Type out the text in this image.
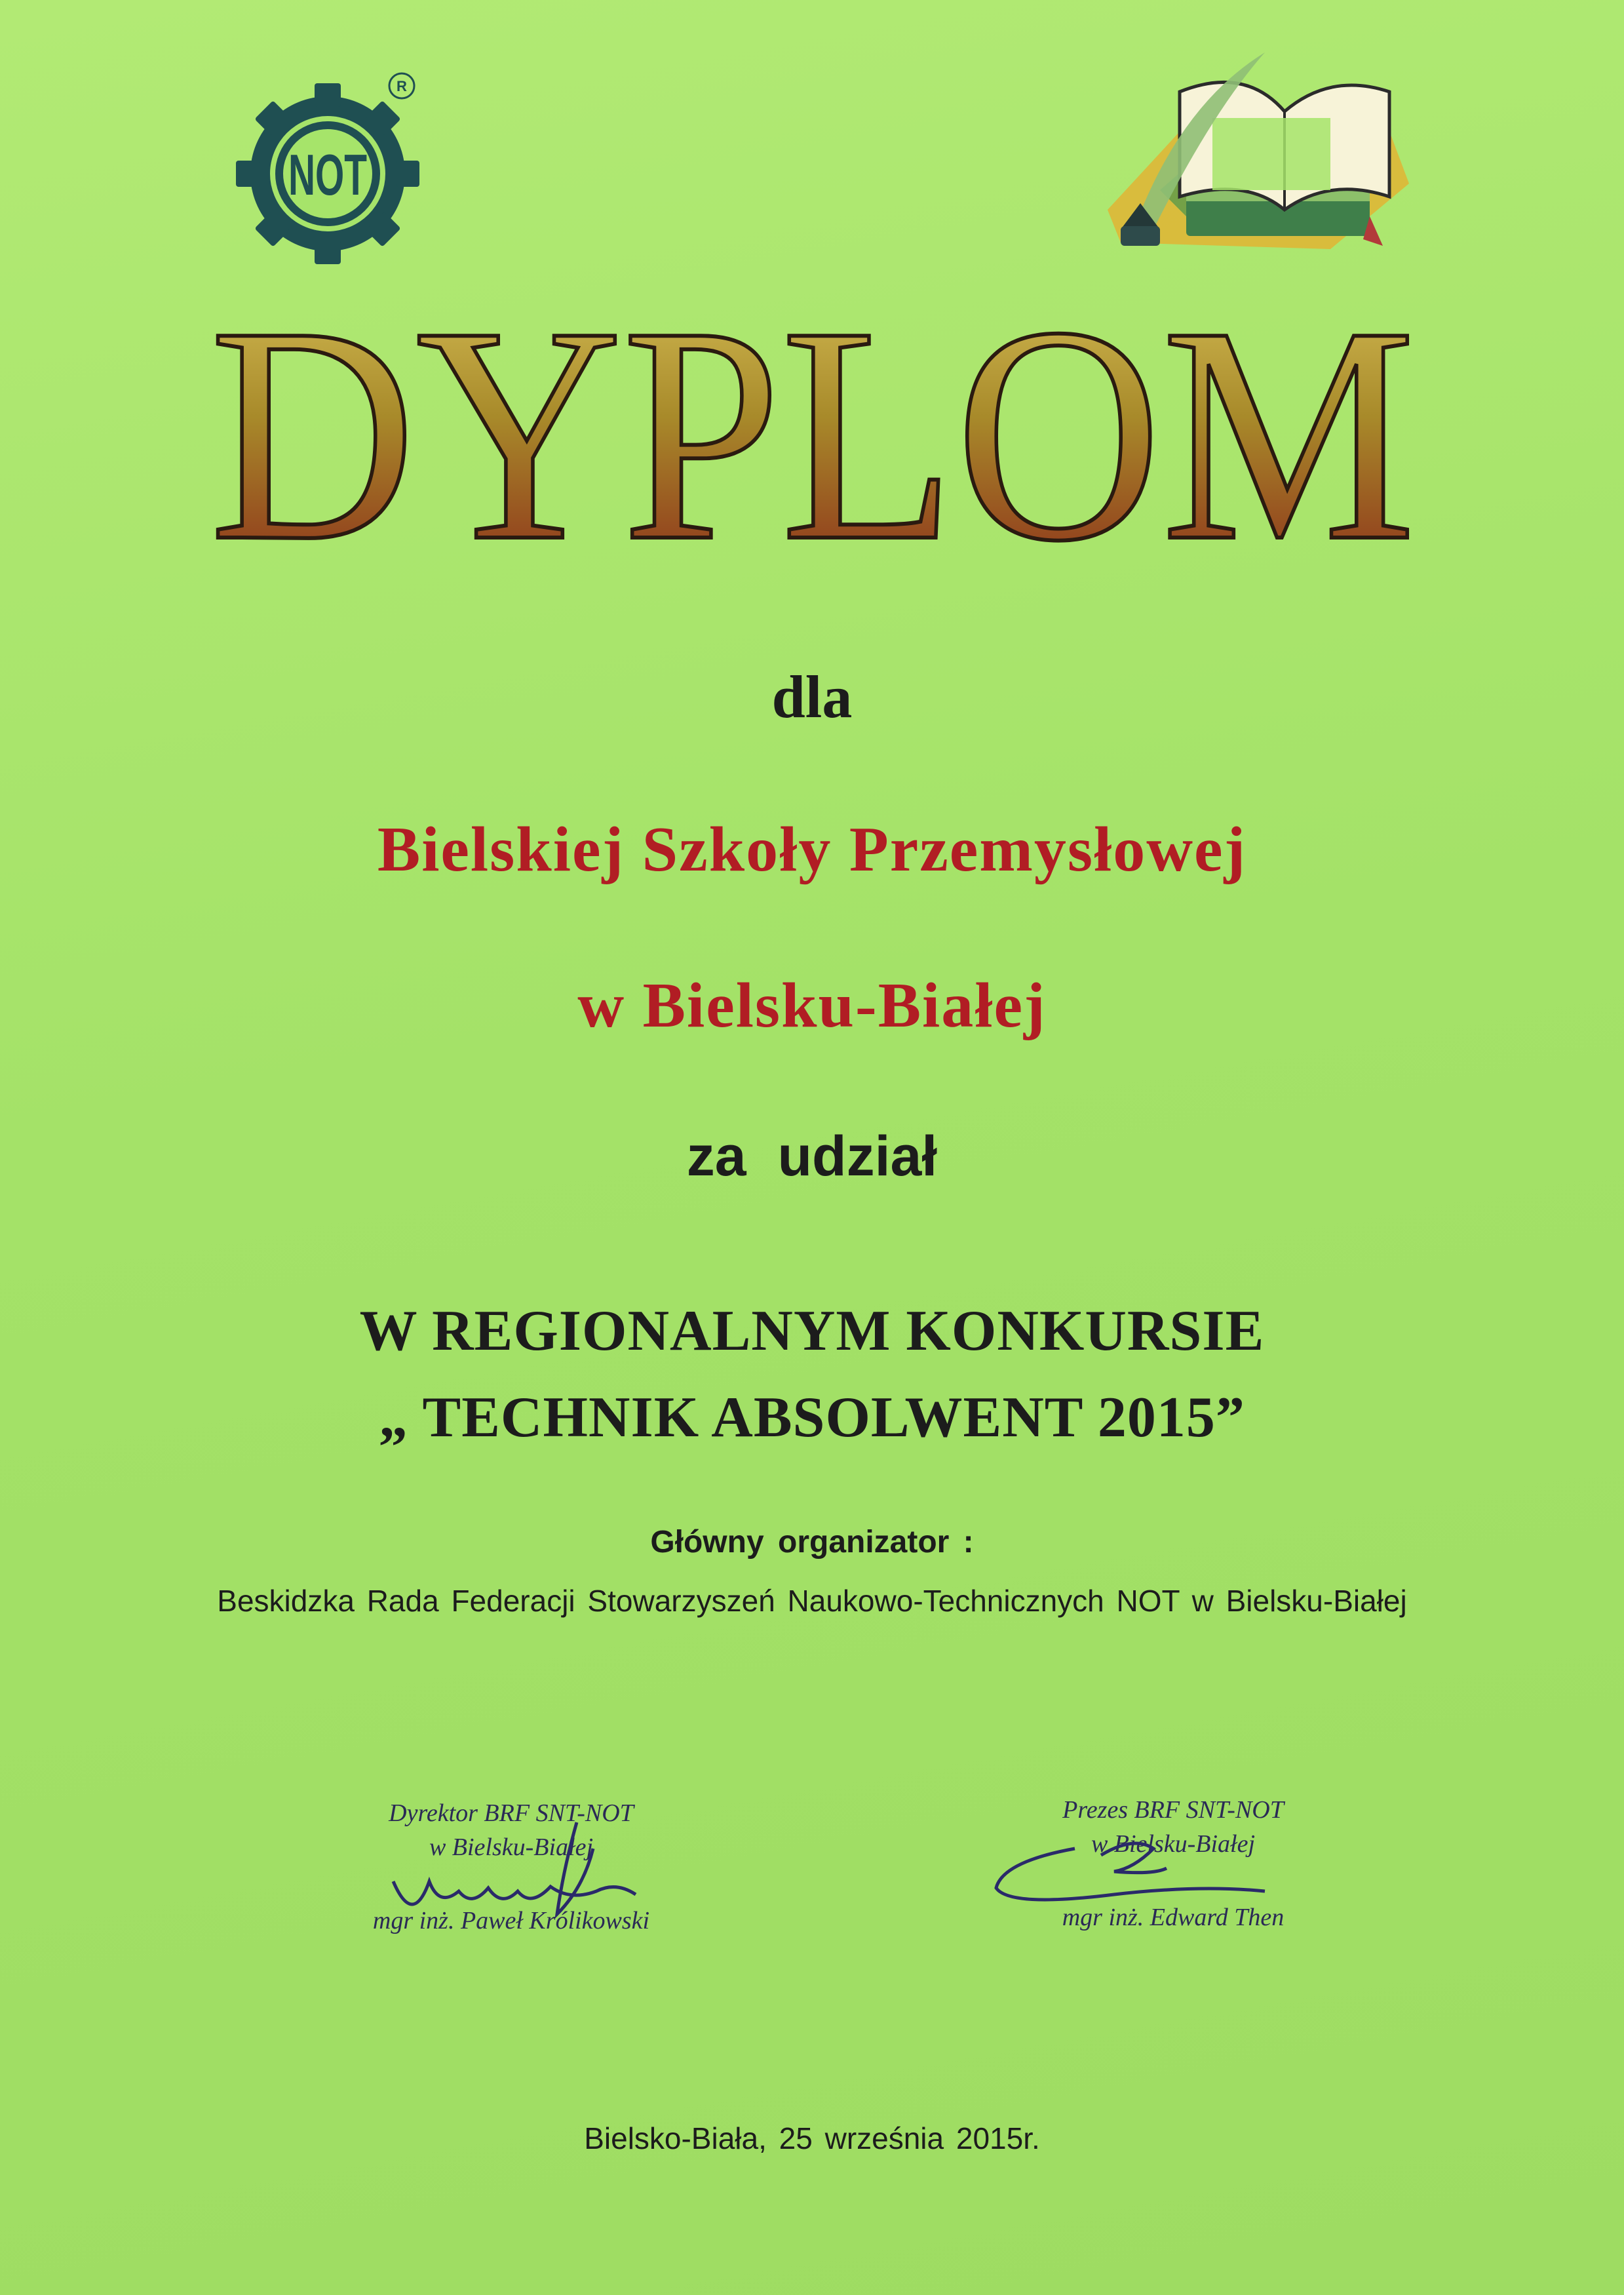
NOT
R
DYPLOM
dla
Bielskiej Szkoły Przemysłowej
w Bielsku-Białej
za udział
W REGIONALNYM KONKURSIE
„ TECHNIK ABSOLWENT 2015”
Główny organizator :
Beskidzka Rada Federacji Stowarzyszeń Naukowo-Technicznych NOT w Bielsku-Białej
Dyrektor BRF SNT-NOT
w Bielsku-Białej
mgr inż. Paweł Królikowski
Prezes BRF SNT-NOT
w Bielsku-Białej
mgr inż. Edward Then
Bielsko-Biała, 25 września 2015r.
